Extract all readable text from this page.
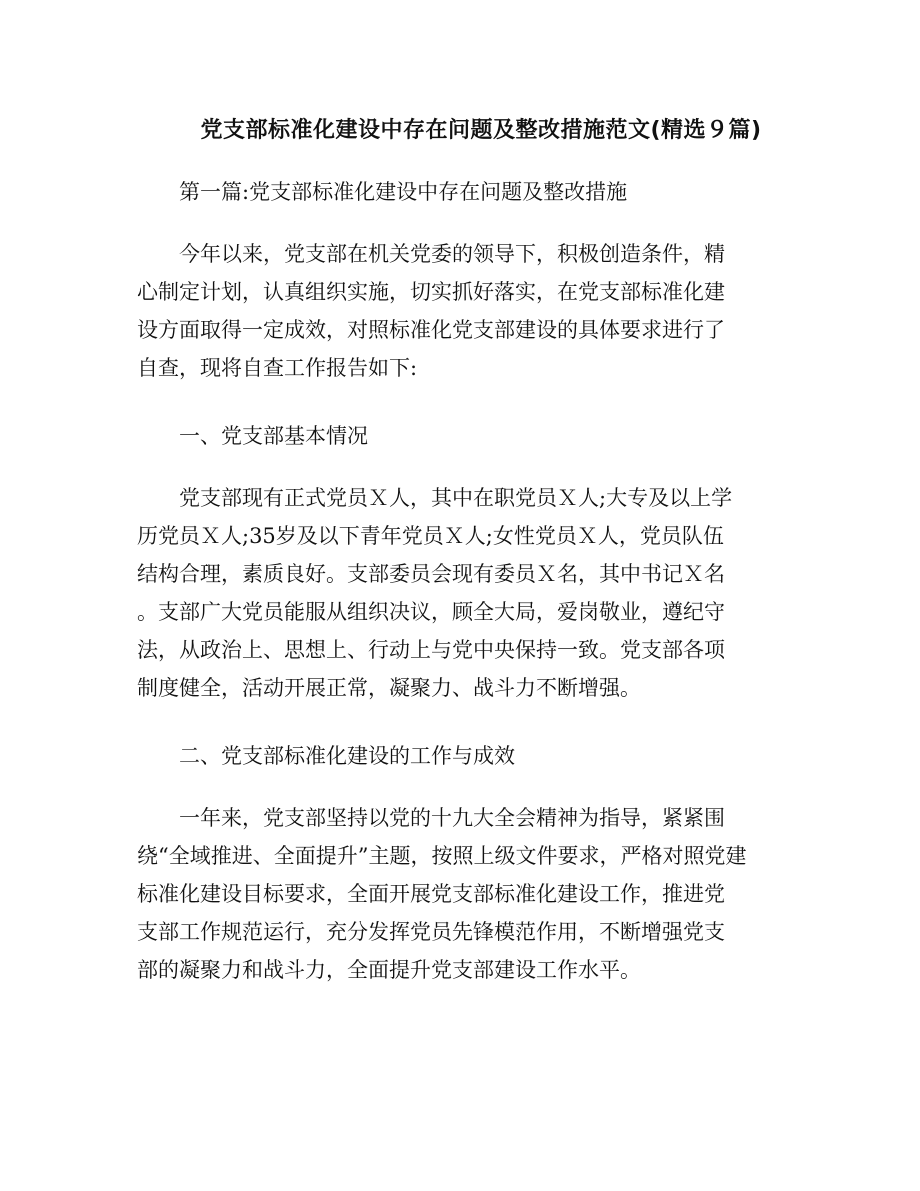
党支部标准化建设中存在问题及整改措施范文(精选９篇)

第一篇:党支部标准化建设中存在问题及整改措施

今年以来，党支部在机关党委的领导下，积极创造条件，精
心制定计划，认真组织实施，切实抓好落实，在党支部标准化建
设方面取得一定成效，对照标准化党支部建设的具体要求进行了
自查，现将自查工作报告如下:

一、党支部基本情况

党支部现有正式党员Ｘ人，其中在职党员Ｘ人;大专及以上学
历党员Ｘ人;35岁及以下青年党员Ｘ人;女性党员Ｘ人，党员队伍
结构合理，素质良好。支部委员会现有委员Ｘ名，其中书记Ｘ名
。支部广大党员能服从组织决议，顾全大局，爱岗敬业，遵纪守
法，从政治上、思想上、行动上与党中央保持一致。党支部各项
制度健全，活动开展正常，凝聚力、战斗力不断增强。

二、党支部标准化建设的工作与成效

一年来，党支部坚持以党的十九大全会精神为指导，紧紧围
绕“全域推进、全面提升”主题，按照上级文件要求，严格对照党建
标准化建设目标要求，全面开展党支部标准化建设工作，推进党
支部工作规范运行，充分发挥党员先锋模范作用，不断增强党支
部的凝聚力和战斗力，全面提升党支部建设工作水平。
